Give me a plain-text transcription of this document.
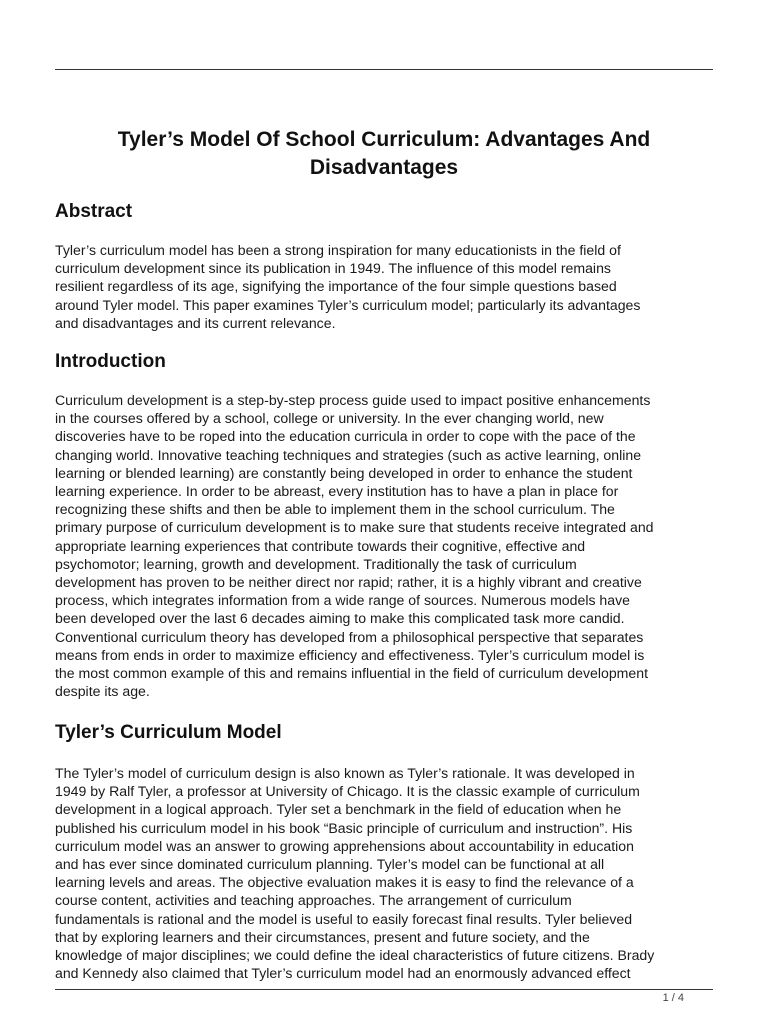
Tyler’s Model Of School Curriculum: Advantages And
Disadvantages
Abstract

Tyler’s curriculum model has been a strong inspiration for many educationists in the field of
curriculum development since its publication in 1949. The influence of this model remains
resilient regardless of its age, signifying the importance of the four simple questions based
around Tyler model. This paper examines Tyler’s curriculum model; particularly its advantages
and disadvantages and its current relevance.

Introduction

Curriculum development is a step-by-step process guide used to impact positive enhancements
in the courses offered by a school, college or university. In the ever changing world, new
discoveries have to be roped into the education curricula in order to cope with the pace of the
changing world. Innovative teaching techniques and strategies (such as active learning, online
learning or blended learning) are constantly being developed in order to enhance the student
learning experience. In order to be abreast, every institution has to have a plan in place for
recognizing these shifts and then be able to implement them in the school curriculum. The
primary purpose of curriculum development is to make sure that students receive integrated and
appropriate learning experiences that contribute towards their cognitive, effective and
psychomotor; learning, growth and development. Traditionally the task of curriculum
development has proven to be neither direct nor rapid; rather, it is a highly vibrant and creative
process, which integrates information from a wide range of sources. Numerous models have
been developed over the last 6 decades aiming to make this complicated task more candid.
Conventional curriculum theory has developed from a philosophical perspective that separates
means from ends in order to maximize efficiency and effectiveness. Tyler’s curriculum model is
the most common example of this and remains influential in the field of curriculum development
despite its age.

Tyler’s Curriculum Model

The Tyler’s model of curriculum design is also known as Tyler’s rationale. It was developed in
1949 by Ralf Tyler, a professor at University of Chicago. It is the classic example of curriculum
development in a logical approach. Tyler set a benchmark in the field of education when he
published his curriculum model in his book “Basic principle of curriculum and instruction”. His
curriculum model was an answer to growing apprehensions about accountability in education
and has ever since dominated curriculum planning. Tyler’s model can be functional at all
learning levels and areas. The objective evaluation makes it is easy to find the relevance of a
course content, activities and teaching approaches. The arrangement of curriculum
fundamentals is rational and the model is useful to easily forecast final results. Tyler believed
that by exploring learners and their circumstances, present and future society, and the
knowledge of major disciplines; we could define the ideal characteristics of future citizens. Brady
and Kennedy also claimed that Tyler’s curriculum model had an enormously advanced effect

1 / 4
